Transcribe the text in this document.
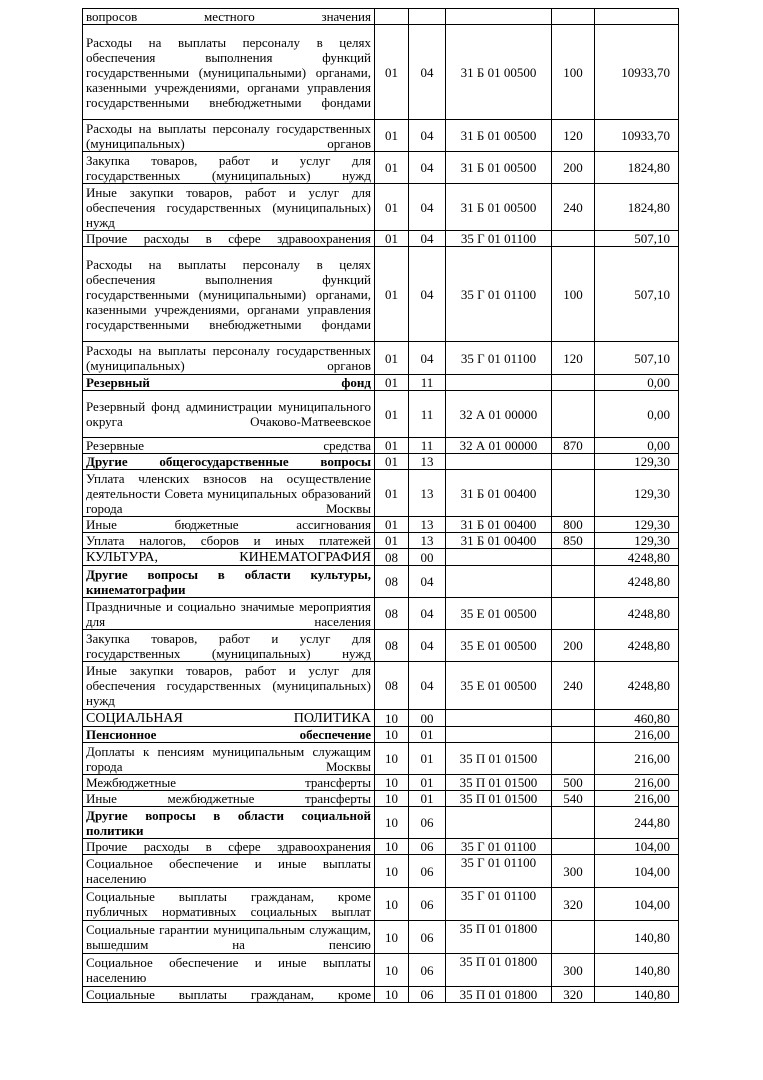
вопросов местного значения					
Расходы на выплаты персоналу в целях обеспечения выполнения функций государственными (муниципальными) органами, казенными учреждениями, органами управления государственными внебюджетными фондами	01	04	31 Б 01 00500	100	10933,70
Расходы на выплаты персоналу государственных (муниципальных) органов	01	04	31 Б 01 00500	120	10933,70
Закупка товаров, работ и услуг для государственных (муниципальных) нужд	01	04	31 Б 01 00500	200	1824,80
Иные закупки товаров, работ и услуг для обеспечения государственных (муниципальных) нужд	01	04	31 Б 01 00500	240	1824,80
Прочие расходы в сфере здравоохранения	01	04	35 Г 01 01100		507,10
Расходы на выплаты персоналу в целях обеспечения выполнения функций государственными (муниципальными) органами, казенными учреждениями, органами управления государственными внебюджетными фондами	01	04	35 Г 01 01100	100	507,10
Расходы на выплаты персоналу государственных (муниципальных) органов	01	04	35 Г 01 01100	120	507,10
Резервный фонд	01	11			0,00
Резервный фонд администрации муниципального округа Очаково-Матвеевское	01	11	32 А 01 00000		0,00
Резервные средства	01	11	32 А 01 00000	870	0,00
Другие общегосударственные вопросы	01	13			129,30
Уплата членских взносов на осуществление деятельности Совета муниципальных образований города Москвы	01	13	31 Б 01 00400		129,30
Иные бюджетные ассигнования	01	13	31 Б 01 00400	800	129,30
Уплата налогов, сборов и иных платежей	01	13	31 Б 01 00400	850	129,30
КУЛЬТУРА, КИНЕМАТОГРАФИЯ	08	00			4248,80
Другие вопросы в области культуры, кинематографии	08	04			4248,80
Праздничные и социально значимые мероприятия для населения	08	04	35 Е 01 00500		4248,80
Закупка товаров, работ и услуг для государственных (муниципальных) нужд	08	04	35 Е 01 00500	200	4248,80
Иные закупки товаров, работ и услуг для обеспечения государственных (муниципальных) нужд	08	04	35 Е 01 00500	240	4248,80
СОЦИАЛЬНАЯ ПОЛИТИКА	10	00			460,80
Пенсионное обеспечение	10	01			216,00
Доплаты к пенсиям муниципальным служащим города Москвы	10	01	35 П 01 01500		216,00
Межбюджетные трансферты	10	01	35 П 01 01500	500	216,00
Иные межбюджетные трансферты	10	01	35 П 01 01500	540	216,00
Другие вопросы в области социальной политики	10	06			244,80
Прочие расходы в сфере здравоохранения	10	06	35 Г 01 01100		104,00
Социальное обеспечение и иные выплаты населению	10	06	35 Г 01 01100	300	104,00
Социальные выплаты гражданам, кроме публичных нормативных социальных выплат	10	06	35 Г 01 01100	320	104,00
Социальные гарантии муниципальным служащим, вышедшим на пенсию	10	06	35 П 01 01800		140,80
Социальное обеспечение и иные выплаты населению	10	06	35 П 01 01800	300	140,80
Социальные выплаты гражданам, кроме	10	06	35 П 01 01800	320	140,80
